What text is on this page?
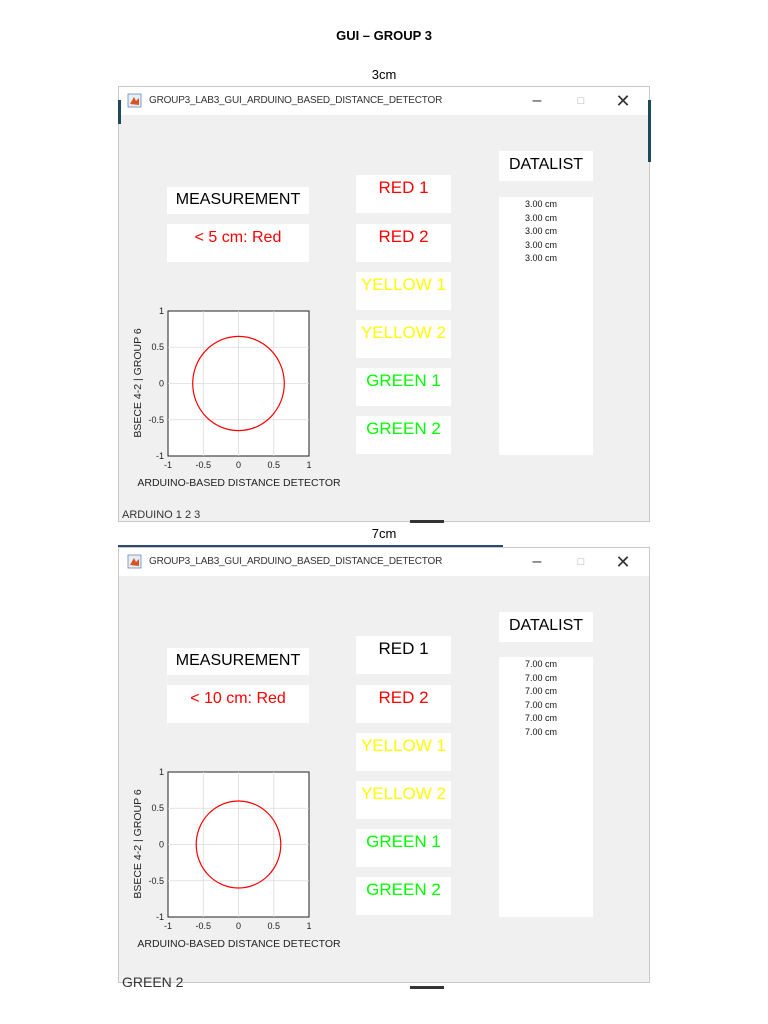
GUI – GROUP 3
3cm
GROUP3_LAB3_GUI_ARDUINO_BASED_DISTANCE_DETECTOR	–	□	✕
MEASUREMENT
< 5 cm: Red
RED 1
RED 2
YELLOW 1
YELLOW 2
GREEN 1
GREEN 2
DATALIST
3.00 cm
3.00 cm
3.00 cm
3.00 cm
3.00 cm
-1	-0.5	0	0.5	1
1
0.5
0
-0.5
-1
ARDUINO-BASED DISTANCE DETECTOR
BSECE 4-2 | GROUP 6
7cm
GROUP3_LAB3_GUI_ARDUINO_BASED_DISTANCE_DETECTOR	–	□	✕
MEASUREMENT
< 10 cm: Red
RED 1
RED 2
YELLOW 1
YELLOW 2
GREEN 1
GREEN 2
DATALIST
7.00 cm
7.00 cm
7.00 cm
7.00 cm
7.00 cm
7.00 cm
-1	-0.5	0	0.5	1
1
0.5
0
-0.5
-1
ARDUINO-BASED DISTANCE DETECTOR
BSECE 4-2 | GROUP 6
ARDUINO 1 2 3
GREEN 2
